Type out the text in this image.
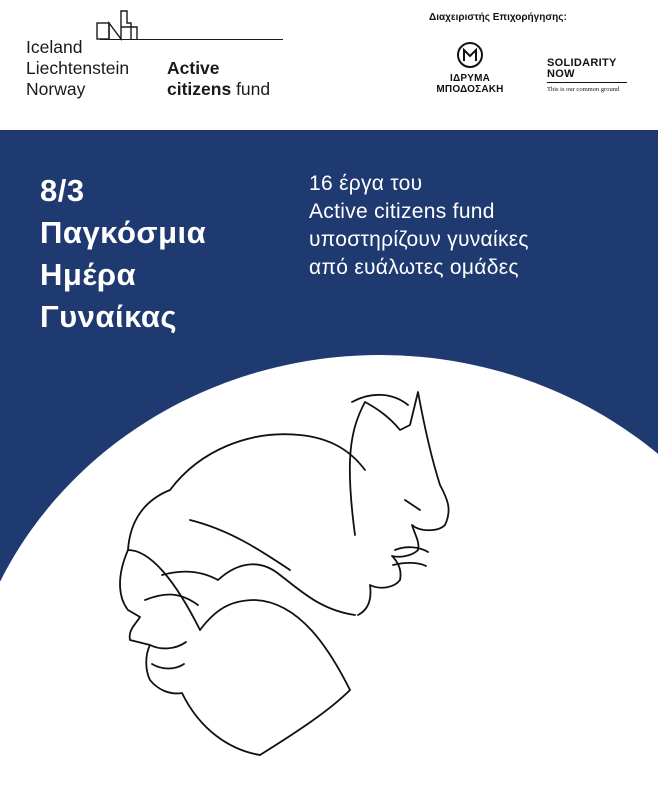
Iceland
Liechtenstein
Norway
Active
citizens fund
Διαχειριστής Επιχορήγησης:
ΙΔΡΥΜΑ
ΜΠΟΔΟΣΑΚΗ
SOLIDARITY
NOW
This is our common ground
8/3
Παγκόσμια
Ημέρα
Γυναίκας
16 έργα του
Active citizens fund
υποστηρίζουν γυναίκες
από ευάλωτες ομάδες
